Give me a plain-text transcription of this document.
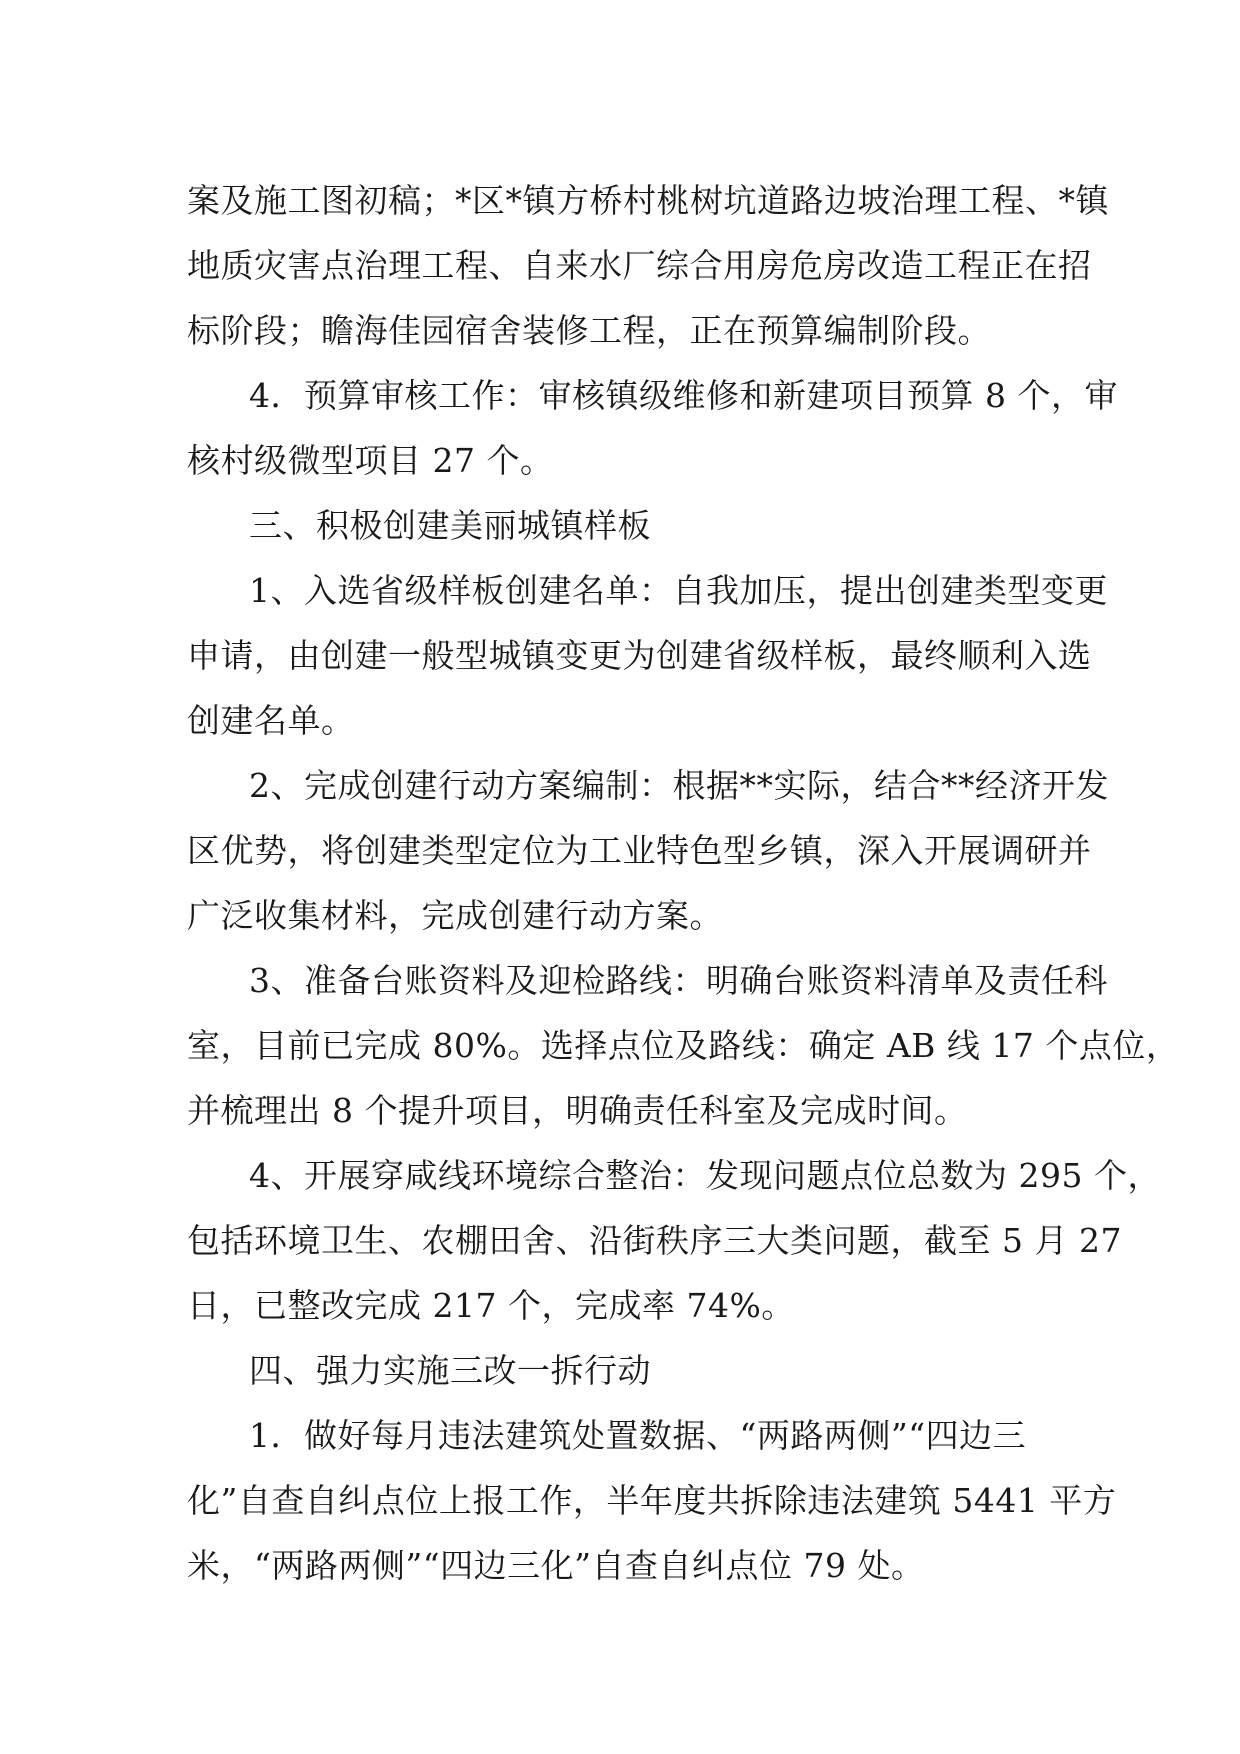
案及施工图初稿；*区*镇方桥村桃树坑道路边坡治理工程、*镇
地质灾害点治理工程、自来水厂综合用房危房改造工程正在招
标阶段；瞻海佳园宿舍装修工程，正在预算编制阶段。
4．预算审核工作：审核镇级维修和新建项目预算 8 个，审
核村级微型项目 27 个。
三、积极创建美丽城镇样板
1、入选省级样板创建名单：自我加压，提出创建类型变更
申请，由创建一般型城镇变更为创建省级样板，最终顺利入选
创建名单。
2、完成创建行动方案编制：根据**实际，结合**经济开发
区优势，将创建类型定位为工业特色型乡镇，深入开展调研并
广泛收集材料，完成创建行动方案。
3、准备台账资料及迎检路线：明确台账资料清单及责任科
室，目前已完成 80%。选择点位及路线：确定 AB 线 17 个点位，
并梳理出 8 个提升项目，明确责任科室及完成时间。
4、开展穿咸线环境综合整治：发现问题点位总数为 295 个，
包括环境卫生、农棚田舍、沿街秩序三大类问题，截至 5 月 27
日，已整改完成 217 个，完成率 74%。
四、强力实施三改一拆行动
1．做好每月违法建筑处置数据、“两路两侧”“四边三
化”自查自纠点位上报工作，半年度共拆除违法建筑 5441 平方
米，“两路两侧”“四边三化”自查自纠点位 79 处。
